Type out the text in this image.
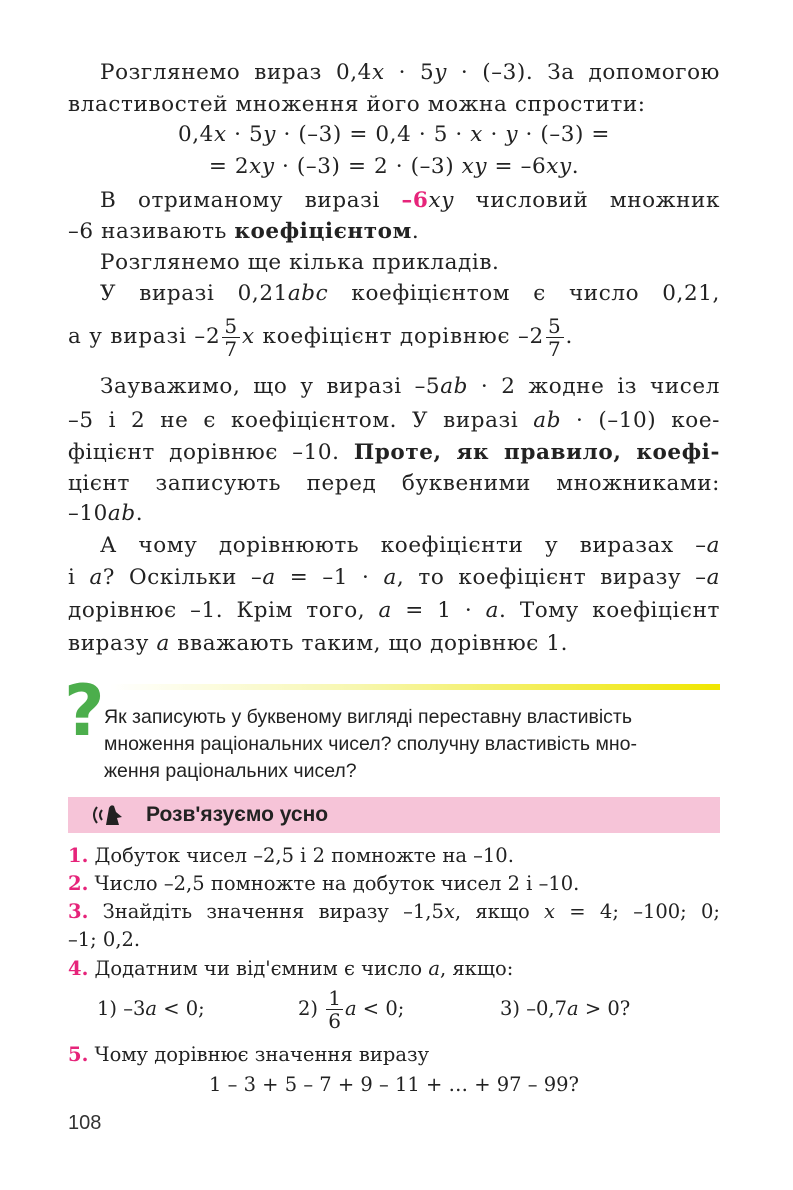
Розглянемо вираз 0,4x · 5y · (–3). За допомогою
властивостей множення його можна спростити:
0,4x · 5y · (–3) = 0,4 · 5 · x · y · (–3) =
= 2xy · (–3) = 2 · (–3) xy = –6xy.
В отриманому виразі –6xy числовий множник
–6 називають коефіцієнтом.
Розглянемо ще кілька прикладів.
У виразі 0,21abc коефіцієнтом є число 0,21,
а у виразі $-2 \frac{5}{7}$ x коефіцієнт дорівнює $-2 \frac{5}{7}$ .
Зауважимо, що у виразі –5ab · 2 жодне із чисел
–5 і 2 не є коефіцієнтом. У виразі ab · (–10) кое-
фіцієнт дорівнює –10. Проте, як правило, коефі-
цієнт записують перед буквеними множниками:
–10ab.
А чому дорівнюють коефіцієнти у виразах –a
і a? Оскільки –a = –1 · a, то коефіцієнт виразу –a
дорівнює –1. Крім того, a = 1 · a. Тому коефіцієнт
виразу a вважають таким, що дорівнює 1.
? Як записують у буквеному вигляді переставну властивість
множення раціональних чисел? сполучну властивість мно-
ження раціональних чисел?
Розв'язуємо усно
1. Добуток чисел –2,5 і 2 помножте на –10.
2. Число –2,5 помножте на добуток чисел 2 і –10.
3. Знайдіть значення виразу –1,5x, якщо x = 4; –100; 0;
–1; 0,2.
4. Додатним чи від'ємним є число a, якщо:
1) –3a < 0;	$2) \frac{1}{6}$ a < 0;	3) –0,7a > 0?
5. Чому дорівнює значення виразу
1 – 3 + 5 – 7 + 9 – 11 + … + 97 – 99?
108
